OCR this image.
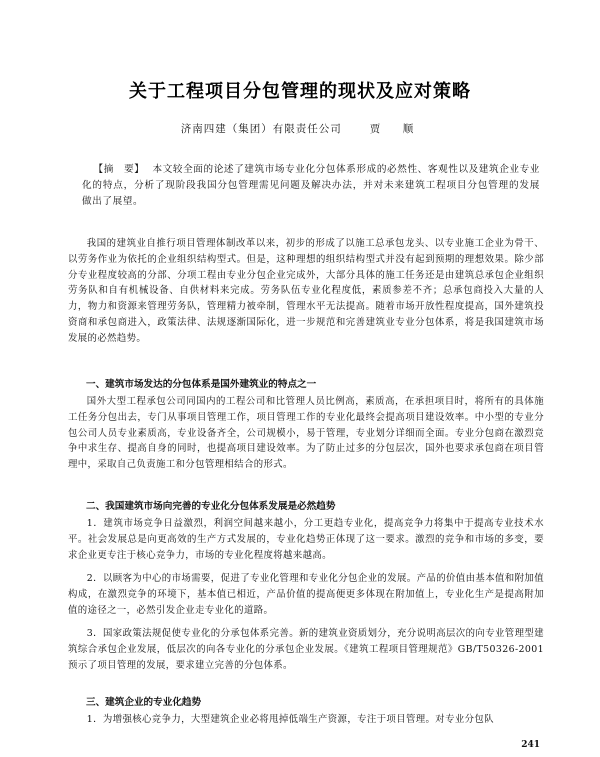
关于工程项目分包管理的现状及应对策略
济南四建（集团）有限责任公司	贾　顺
【摘　要】 本文较全面的论述了建筑市场专业化分包体系形成的必然性、客观性以及建筑企业专业化的特点，分析了现阶段我国分包管理需见问题及解决办法，并对未来建筑工程项目分包管理的发展做出了展望。

我国的建筑业自推行项目管理体制改革以来，初步的形成了以施工总承包龙头、以专业施工企业为骨干、以劳务作业为依托的企业组织结构型式。但是，这种理想的组织结构型式并没有起到预期的理想效果。除少部分专业程度较高的分部、分项工程由专业分包企业完成外，大部分具体的施工任务还是由建筑总承包企业组织劳务队和自有机械设备、自供材料来完成。劳务队伍专业化程度低，素质参差不齐；总承包商投入大量的人力，物力和资源来管理劳务队，管理精力被牵制，管理水平无法提高。随着市场开放性程度提高，国外建筑投资商和承包商进入，政策法律、法规逐渐国际化，进一步规范和完善建筑业专业分包体系，将是我国建筑市场发展的必然趋势。

一、建筑市场发达的分包体系是国外建筑业的特点之一

国外大型工程承包公司同国内的工程公司和比管理人员比例高，素质高，在承担项目时，将所有的具体施工任务分包出去，专门从事项目管理工作，项目管理工作的专业化最终会提高项目建设效率。中小型的专业分包公司人员专业素质高，专业设备齐全，公司规模小，易于管理，专业划分详细而全面。专业分包商在激烈竞争中求生存、提高自身的同时，也提高项目建设效率。为了防止过多的分包层次，国外也要求承包商在项目管理中，采取自己负责施工和分包管理相结合的形式。

二、我国建筑市场向完善的专业化分包体系发展是必然趋势

1．建筑市场竞争日益激烈，利润空间越来越小，分工更趋专业化，提高竞争力将集中于提高专业技术水平。社会发展总是向更高效的生产方式发展的，专业化趋势正体现了这一要求。激烈的竞争和市场的多变，要求企业更专注于核心竞争力，市场的专业化程度将越来越高。

2．以顾客为中心的市场需要，促进了专业化管理和专业化分包企业的发展。产品的价值由基本值和附加值构成，在激烈竞争的环境下，基本值已相近，产品价值的提高便更多体现在附加值上，专业化生产是提高附加值的途径之一，必然引发企业走专业化的道路。

3．国家政策法规促使专业化的分承包体系完善。新的建筑业资质划分，充分说明高层次的向专业管理型建筑综合承包企业发展，低层次的向各专业化的分承包企业发展。《建筑工程项目管理规范》GB/T50326-2001 预示了项目管理的发展，要求建立完善的分包体系。

三、建筑企业的专业化趋势

1．为增强核心竞争力，大型建筑企业必将甩掉低端生产资源，专注于项目管理。对专业分包队

241
